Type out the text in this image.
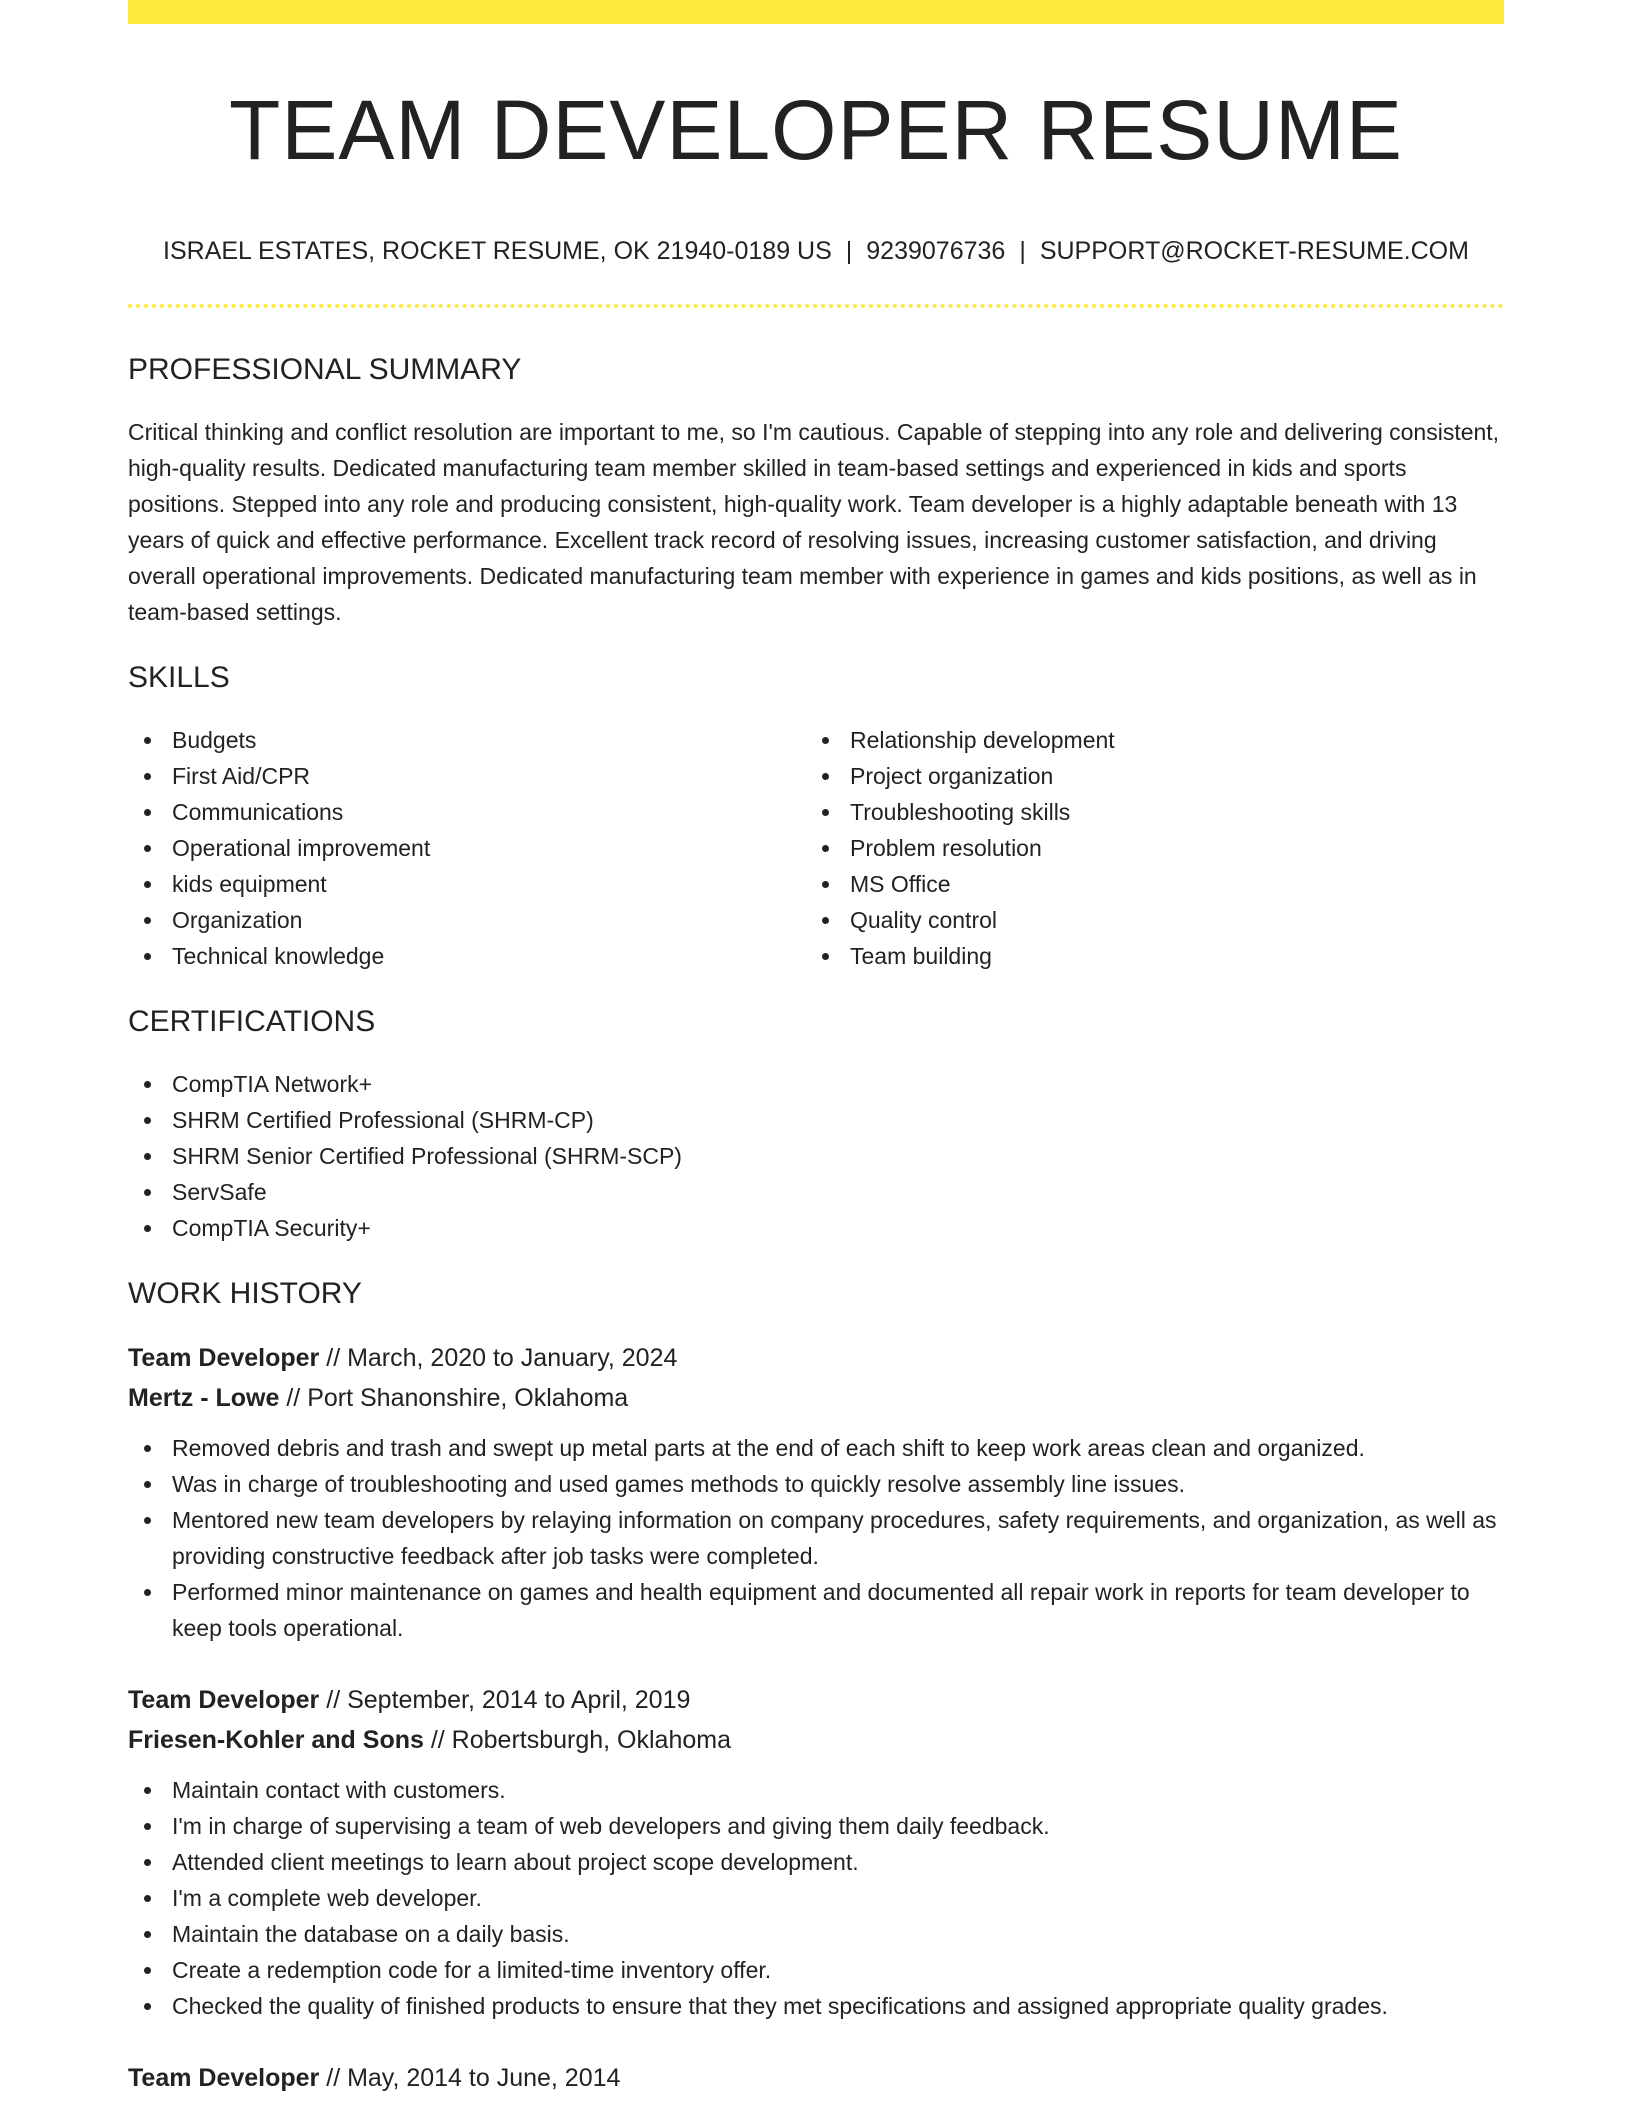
TEAM DEVELOPER RESUME
ISRAEL ESTATES, ROCKET RESUME, OK 21940-0189 US | 9239076736 | SUPPORT@ROCKET-RESUME.COM
PROFESSIONAL SUMMARY

Critical thinking and conflict resolution are important to me, so I'm cautious. Capable of stepping into any role and delivering consistent, high-quality results. Dedicated manufacturing team member skilled in team-based settings and experienced in kids and sports positions. Stepped into any role and producing consistent, high-quality work. Team developer is a highly adaptable beneath with 13 years of quick and effective performance. Excellent track record of resolving issues, increasing customer satisfaction, and driving overall operational improvements. Dedicated manufacturing team member with experience in games and kids positions, as well as in team-based settings.

SKILLS
Budgets
First Aid/CPR
Communications
Operational improvement
kids equipment
Organization
Technical knowledge
Relationship development
Project organization
Troubleshooting skills
Problem resolution
MS Office
Quality control
Team building
CERTIFICATIONS
CompTIA Network+
SHRM Certified Professional (SHRM-CP)
SHRM Senior Certified Professional (SHRM-SCP)
ServSafe
CompTIA Security+
WORK HISTORY
Team Developer // March, 2020 to January, 2024
Mertz - Lowe // Port Shanonshire, Oklahoma
Removed debris and trash and swept up metal parts at the end of each shift to keep work areas clean and organized.
Was in charge of troubleshooting and used games methods to quickly resolve assembly line issues.
Mentored new team developers by relaying information on company procedures, safety requirements, and organization, as well as providing constructive feedback after job tasks were completed.
Performed minor maintenance on games and health equipment and documented all repair work in reports for team developer to keep tools operational.
Team Developer // September, 2014 to April, 2019
Friesen-Kohler and Sons // Robertsburgh, Oklahoma
Maintain contact with customers.
I'm in charge of supervising a team of web developers and giving them daily feedback.
Attended client meetings to learn about project scope development.
I'm a complete web developer.
Maintain the database on a daily basis.
Create a redemption code for a limited-time inventory offer.
Checked the quality of finished products to ensure that they met specifications and assigned appropriate quality grades.
Team Developer // May, 2014 to June, 2014
